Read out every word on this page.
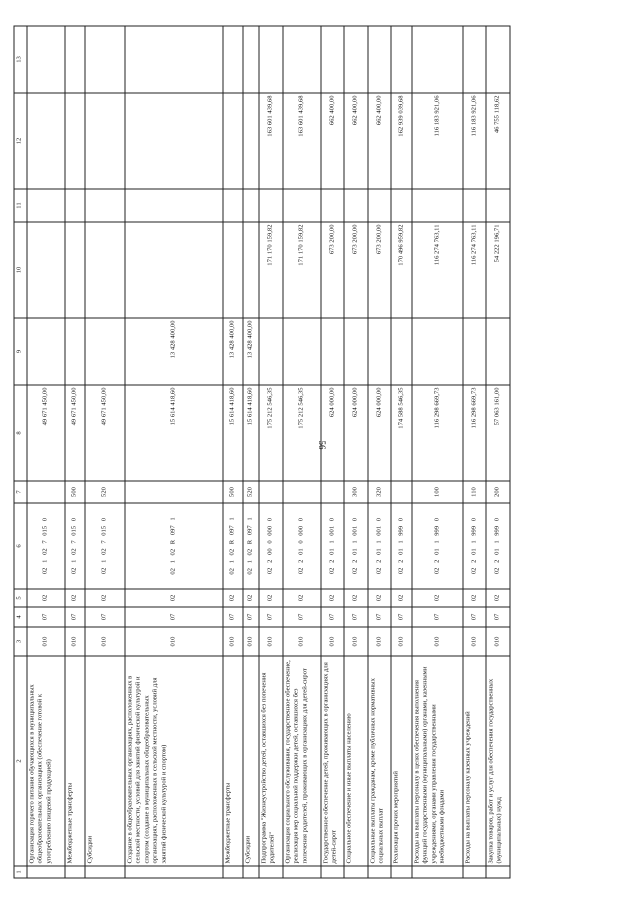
56
1	2	3	4	5	6	7	8	9	10	11	12	13
	Организация горячего питания обучающихся в муниципальных общеобразовательных организациях (обеспечение готовой к употреблению пищевой продукцией)	010	07	02	02 1 02 7 015 0		49 671 450,00					
	Межбюджетные трансферты	010	07	02	02 1 02 7 015 0	500	49 671 450,00					
	Субсидии	010	07	02	02 1 02 7 015 0	520	49 671 450,00					
	Создание в общеобразовательных организациях, расположенных в сельской местности, условий для занятий физической культурой и спортом (создание в муниципальных общеобразовательных организациях, расположенных в сельской местности, условий для занятий физической культурой и спортом)	010	07	02	02 1 02 R 097 1		15 614 418,60	13 428 400,00				
	Межбюджетные трансферты	010	07	02	02 1 02 R 097 1	500	15 614 418,60	13 428 400,00				
	Субсидии	010	07	02	02 1 02 R 097 1	520	15 614 418,60	13 428 400,00				
	Подпрограмма "Жизнеустройство детей, оставшихся без попечения родителей"	010	07	02	02 2 00 0 000 0		175 212 546,35		171 170 159,82		163 601 439,68	
	Организация социального обслуживания, государственное обеспечение, реализация мер социальной поддержки детей, оставшихся без попечения родителей, проживающих в организациях для детей-сирот	010	07	02	02 2 01 0 000 0		175 212 546,35		171 170 159,82		163 601 439,68	
	Государственное обеспечение детей, проживающих в организациях для детей-сирот	010	07	02	02 2 01 1 001 0		624 000,00		673 200,00		662 400,00	
	Социальное обеспечение и иные выплаты населению	010	07	02	02 2 01 1 001 0	300	624 000,00		673 200,00		662 400,00	
	Социальные выплаты гражданам, кроме публичных нормативных социальных выплат	010	07	02	02 2 01 1 001 0	320	624 000,00		673 200,00		662 400,00	
	Реализация прочих мероприятий	010	07	02	02 2 01 1 999 0		174 588 546,35		170 496 959,82		162 939 039,68	
	Расходы на выплаты персоналу в целях обеспечения выполнения функций государственными (муниципальными) органами, казенными учреждениями, органами управления государственными внебюджетными фондами	010	07	02	02 2 01 1 999 0	100	116 298 669,73		116 274 763,11		116 183 921,06	
	Расходы на выплаты персоналу казенных учреждений	010	07	02	02 2 01 1 999 0	110	116 298 669,73		116 274 763,11		116 183 921,06	
	Закупка товаров, работ и услуг для обеспечения государственных (муниципальных) нужд	010	07	02	02 2 01 1 999 0	200	57 063 161,00		54 222 196,71		46 755 118,62	
